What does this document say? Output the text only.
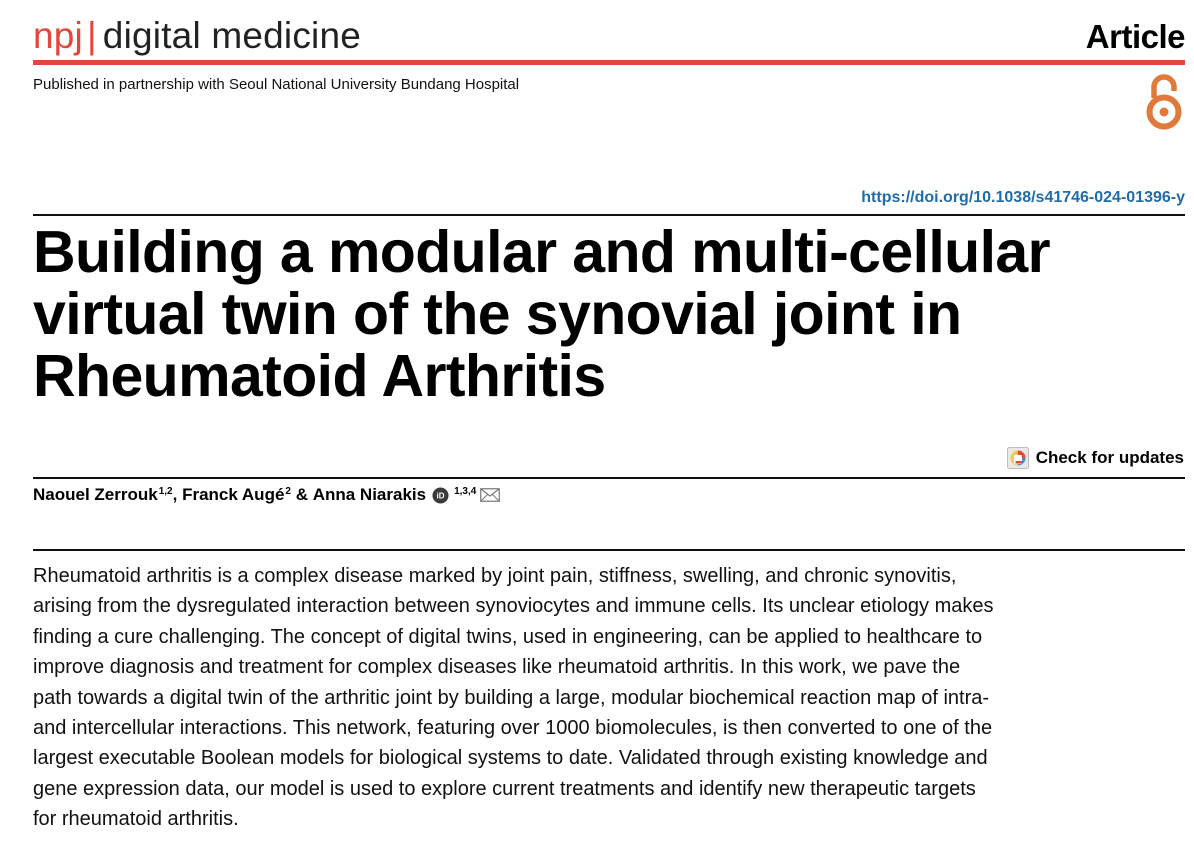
npj | digital medicine	Article
Published in partnership with Seoul National University Bundang Hospital
https://doi.org/10.1038/s41746-024-01396-y
Building a modular and multi-cellular virtual twin of the synovial joint in Rheumatoid Arthritis
Check for updates
Naouel Zerrouk$^{1,2}$ , Franck Augé$^2$ & Anna Niarakis iD $^{1,3,4}$

Rheumatoid arthritis is a complex disease marked by joint pain, stiffness, swelling, and chronic synovitis, arising from the dysregulated interaction between synoviocytes and immune cells. Its unclear etiology makes finding a cure challenging. The concept of digital twins, used in engineering, can be applied to healthcare to improve diagnosis and treatment for complex diseases like rheumatoid arthritis. In this work, we pave the path towards a digital twin of the arthritic joint by building a large, modular biochemical reaction map of intra- and intercellular interactions. This network, featuring over 1000 biomolecules, is then converted to one of the largest executable Boolean models for biological systems to date. Validated through existing knowledge and gene expression data, our model is used to explore current treatments and identify new therapeutic targets for rheumatoid arthritis.
